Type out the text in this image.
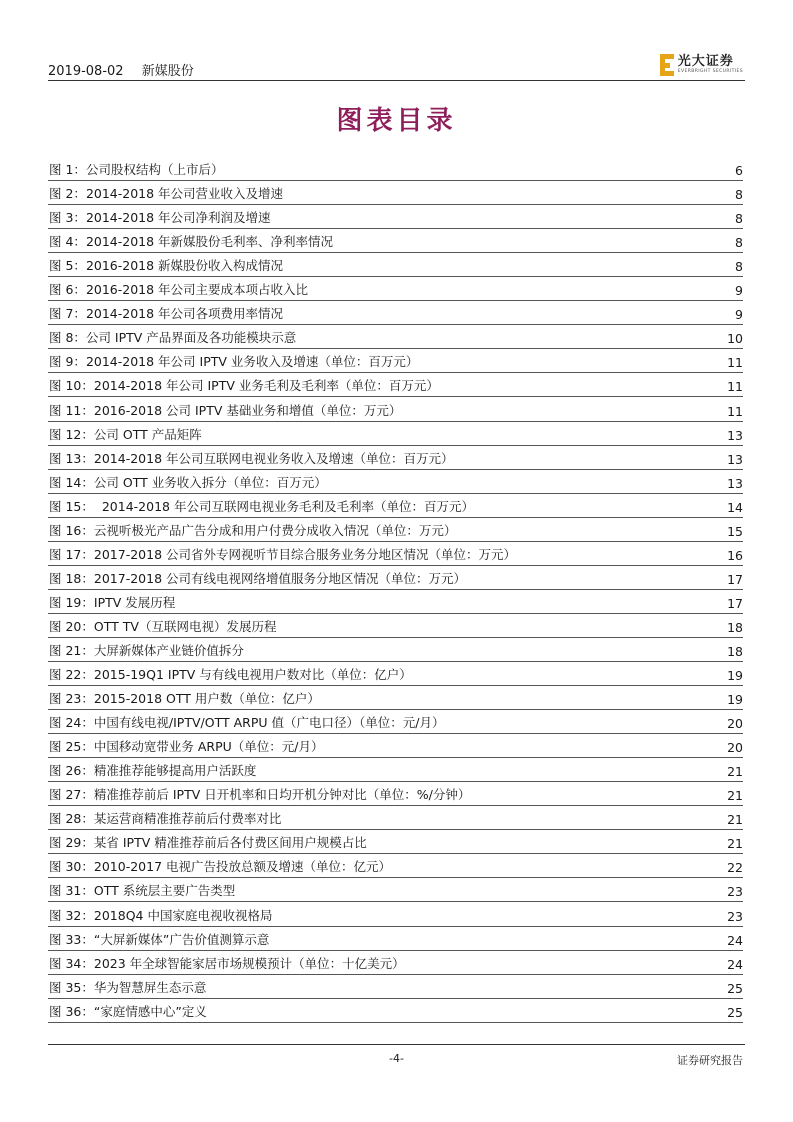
2019-08-02 新媒股份
光大证券
EVERBRIGHT SECURITIES
图表目录
图 1：公司股权结构（上市后）	6
图 2：2014-2018 年公司营业收入及增速	8
图 3：2014-2018 年公司净利润及增速	8
图 4：2014-2018 年新媒股份毛利率、净利率情况	8
图 5：2016-2018 新媒股份收入构成情况	8
图 6：2016-2018 年公司主要成本项占收入比	9
图 7：2014-2018 年公司各项费用率情况	9
图 8：公司 IPTV 产品界面及各功能模块示意	10
图 9：2014-2018 年公司 IPTV 业务收入及增速（单位：百万元）	11
图 10：2014-2018 年公司 IPTV 业务毛利及毛利率（单位：百万元）	11
图 11：2016-2018 公司 IPTV 基础业务和增值（单位：万元）	11
图 12：公司 OTT 产品矩阵	13
图 13：2014-2018 年公司互联网电视业务收入及增速（单位：百万元）	13
图 14：公司 OTT 业务收入拆分（单位：百万元）	13
图 15：  2014-2018 年公司互联网电视业务毛利及毛利率（单位：百万元）	14
图 16：云视听极光产品广告分成和用户付费分成收入情况（单位：万元）	15
图 17：2017-2018 公司省外专网视听节目综合服务业务分地区情况（单位：万元）	16
图 18：2017-2018 公司有线电视网络增值服务分地区情况（单位：万元）	17
图 19：IPTV 发展历程	17
图 20：OTT TV（互联网电视）发展历程	18
图 21：大屏新媒体产业链价值拆分	18
图 22：2015-19Q1 IPTV 与有线电视用户数对比（单位：亿户）	19
图 23：2015-2018 OTT 用户数（单位：亿户）	19
图 24：中国有线电视/IPTV/OTT ARPU 值（广电口径）（单位：元/月）	20
图 25：中国移动宽带业务 ARPU（单位：元/月）	20
图 26：精准推荐能够提高用户活跃度	21
图 27：精准推荐前后 IPTV 日开机率和日均开机分钟对比（单位：%/分钟）	21
图 28：某运营商精准推荐前后付费率对比	21
图 29：某省 IPTV 精准推荐前后各付费区间用户规模占比	21
图 30：2010-2017 电视广告投放总额及增速（单位：亿元）	22
图 31：OTT 系统层主要广告类型	23
图 32：2018Q4 中国家庭电视收视格局	23
图 33：“大屏新媒体”广告价值测算示意	24
图 34：2023 年全球智能家居市场规模预计（单位：十亿美元）	24
图 35：华为智慧屏生态示意	25
图 36：“家庭情感中心”定义	25
-4-	证券研究报告
